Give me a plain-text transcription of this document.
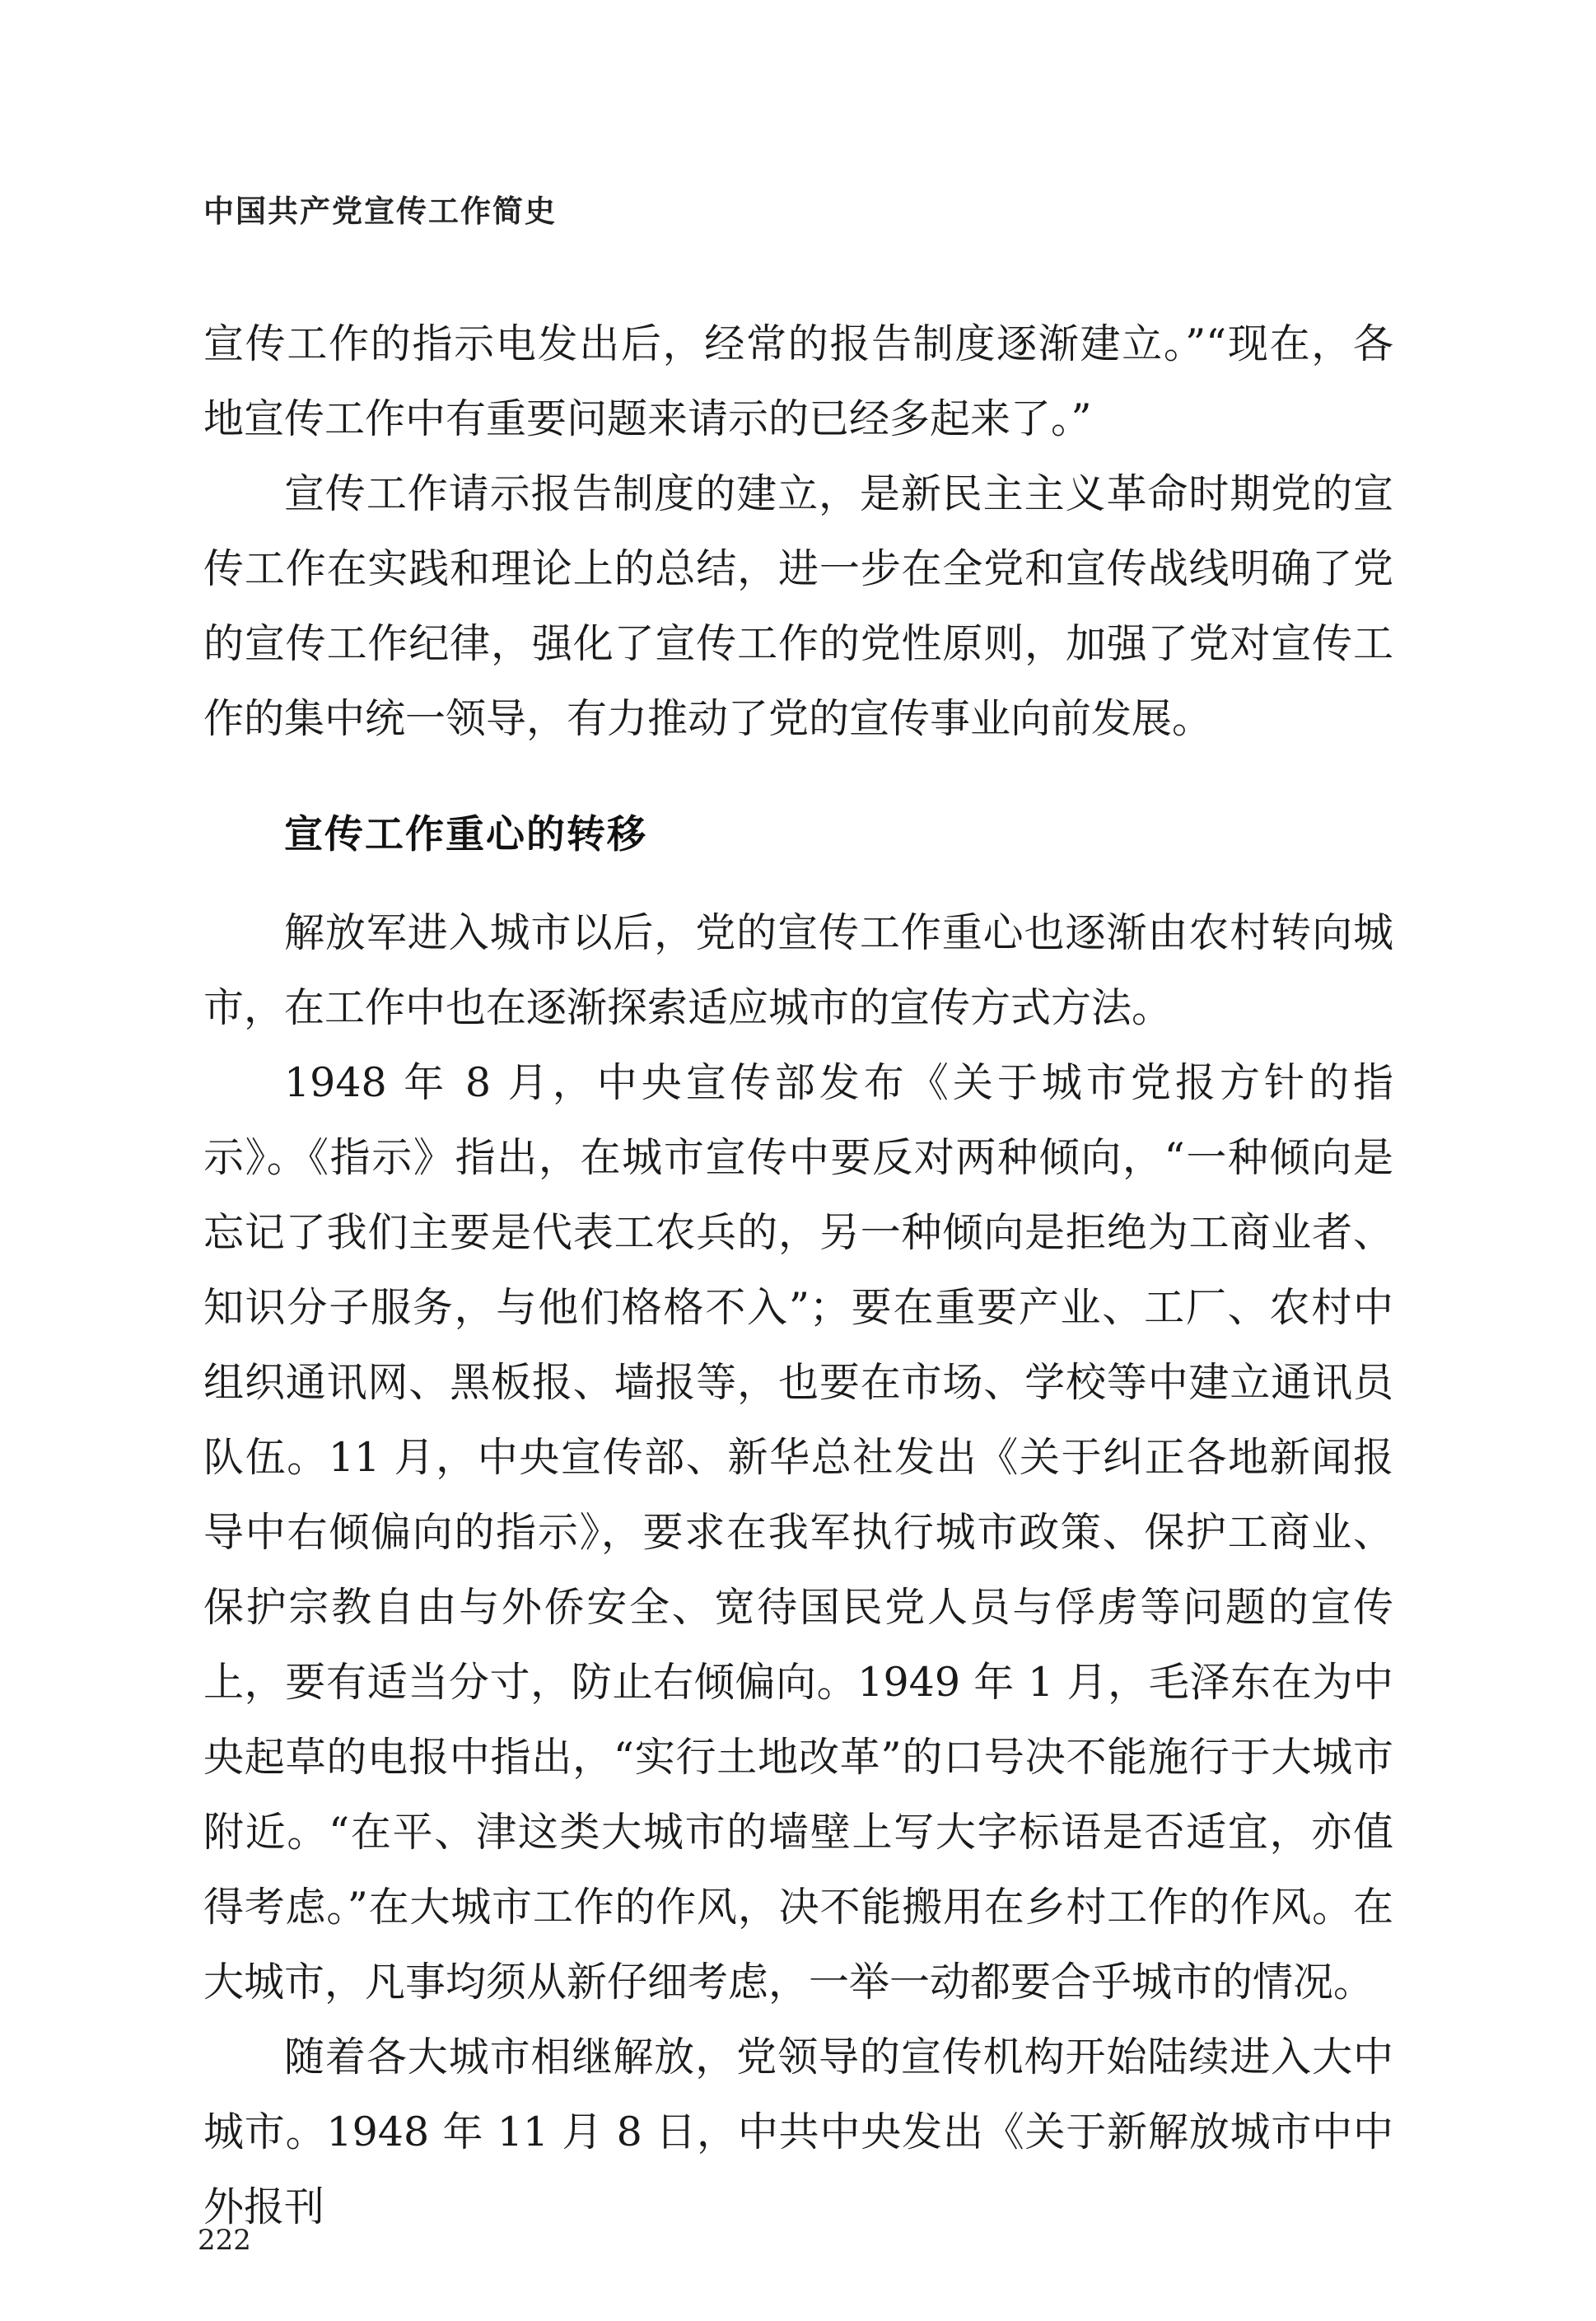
中国共产党宣传工作简史

宣传工作的指示电发出后，经常的报告制度逐渐建立。”“现在，各地宣传工作中有重要问题来请示的已经多起来了。”

宣传工作请示报告制度的建立，是新民主主义革命时期党的宣传工作在实践和理论上的总结，进一步在全党和宣传战线明确了党的宣传工作纪律，强化了宣传工作的党性原则，加强了党对宣传工作的集中统一领导，有力推动了党的宣传事业向前发展。

宣传工作重心的转移

解放军进入城市以后，党的宣传工作重心也逐渐由农村转向城市，在工作中也在逐渐探索适应城市的宣传方式方法。

1948 年 8 月，中央宣传部发布《关于城市党报方针的指示》。《指示》指出，在城市宣传中要反对两种倾向，“一种倾向是忘记了我们主要是代表工农兵的，另一种倾向是拒绝为工商业者、知识分子服务，与他们格格不入”；要在重要产业、工厂、农村中组织通讯网、黑板报、墙报等，也要在市场、学校等中建立通讯员队伍。11 月，中央宣传部、新华总社发出《关于纠正各地新闻报导中右倾偏向的指示》，要求在我军执行城市政策、保护工商业、保护宗教自由与外侨安全、宽待国民党人员与俘虏等问题的宣传上，要有适当分寸，防止右倾偏向。1949 年 1 月，毛泽东在为中央起草的电报中指出，“实行土地改革”的口号决不能施行于大城市附近。“在平、津这类大城市的墙壁上写大字标语是否适宜，亦值得考虑。”在大城市工作的作风，决不能搬用在乡村工作的作风。在大城市，凡事均须从新仔细考虑，一举一动都要合乎城市的情况。

随着各大城市相继解放，党领导的宣传机构开始陆续进入大中城市。1948 年 11 月 8 日，中共中央发出《关于新解放城市中中外报刊

222
